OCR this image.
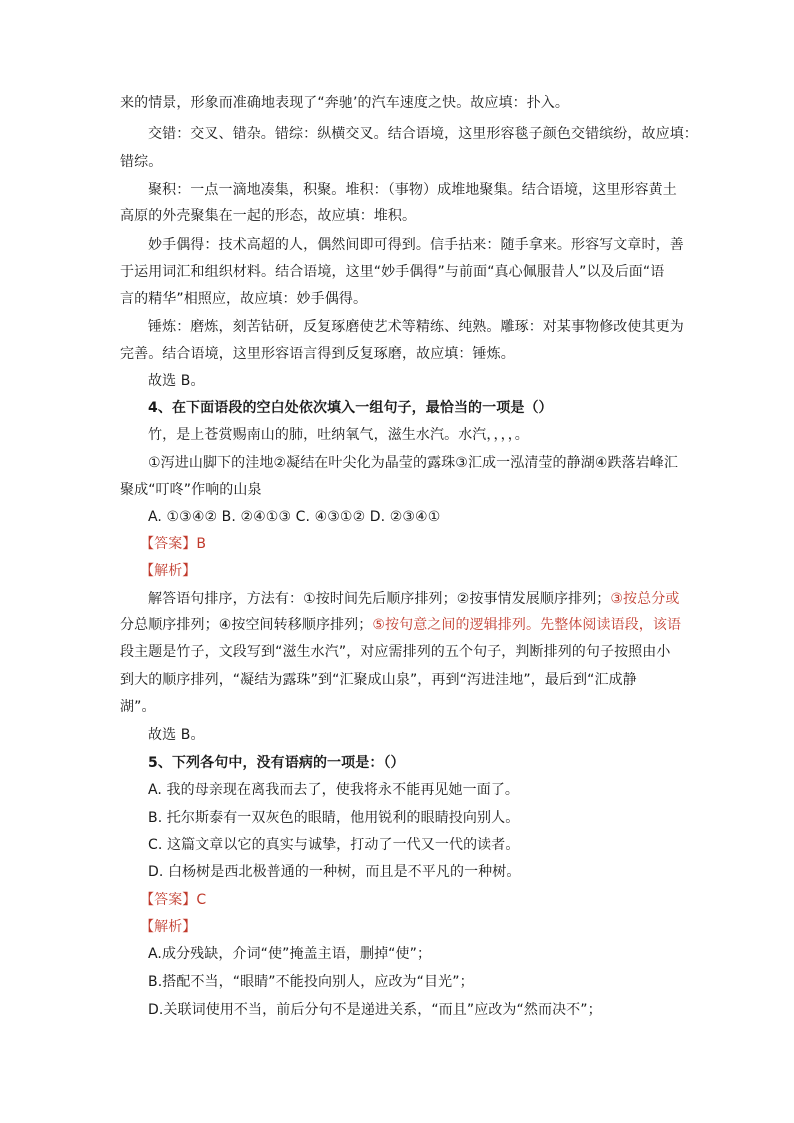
来的情景，形象而准确地表现了“奔驰’的汽车速度之快。故应填：扑入。
交错：交叉、错杂。错综：纵横交叉。结合语境，这里形容毯子颜色交错缤纷，故应填：
错综。
聚积：一点一滴地凑集，积聚。堆积：（事物）成堆地聚集。结合语境，这里形容黄土
高原的外壳聚集在一起的形态，故应填：堆积。
妙手偶得：技术高超的人，偶然间即可得到。信手拈来：随手拿来。形容写文章时，善
于运用词汇和组织材料。结合语境，这里“妙手偶得”与前面“真心佩服昔人”以及后面“语
言的精华”相照应，故应填：妙手偶得。
锤炼：磨炼，刻苦钻研，反复琢磨使艺术等精练、纯熟。雕琢：对某事物修改使其更为
完善。结合语境，这里形容语言得到反复琢磨，故应填：锤炼。
故选 B。
4、在下面语段的空白处依次填入一组句子，最恰当的一项是（）
竹，是上苍赏赐南山的肺，吐纳氧气，滋生水汽。水汽，，，，。
①泻进山脚下的洼地②凝结在叶尖化为晶莹的露珠③汇成一泓清莹的静湖④跌落岩峰汇
聚成“叮咚”作响的山泉
A. ①③④② B. ②④①③ C. ④③①② D. ②③④①
【答案】B
【解析】
解答语句排序，方法有：①按时间先后顺序排列；②按事情发展顺序排列；③按总分或
分总顺序排列；④按空间转移顺序排列；⑤按句意之间的逻辑排列。先整体阅读语段，该语
段主题是竹子，文段写到“滋生水汽”，对应需排列的五个句子，判断排列的句子按照由小
到大的顺序排列，“凝结为露珠”到“汇聚成山泉”，再到“泻进洼地”，最后到“汇成静
湖”。
故选 B。
5、下列各句中，没有语病的一项是：（）
A. 我的母亲现在离我而去了，使我将永不能再见她一面了。
B. 托尔斯泰有一双灰色的眼睛，他用锐利的眼睛投向别人。
C. 这篇文章以它的真实与诚挚，打动了一代又一代的读者。
D. 白杨树是西北极普通的一种树，而且是不平凡的一种树。
【答案】C
【解析】
A.成分残缺，介词“使”掩盖主语，删掉“使”；
B.搭配不当，“眼睛”不能投向别人，应改为“目光”；
D.关联词使用不当，前后分句不是递进关系，“而且”应改为“然而决不”；
